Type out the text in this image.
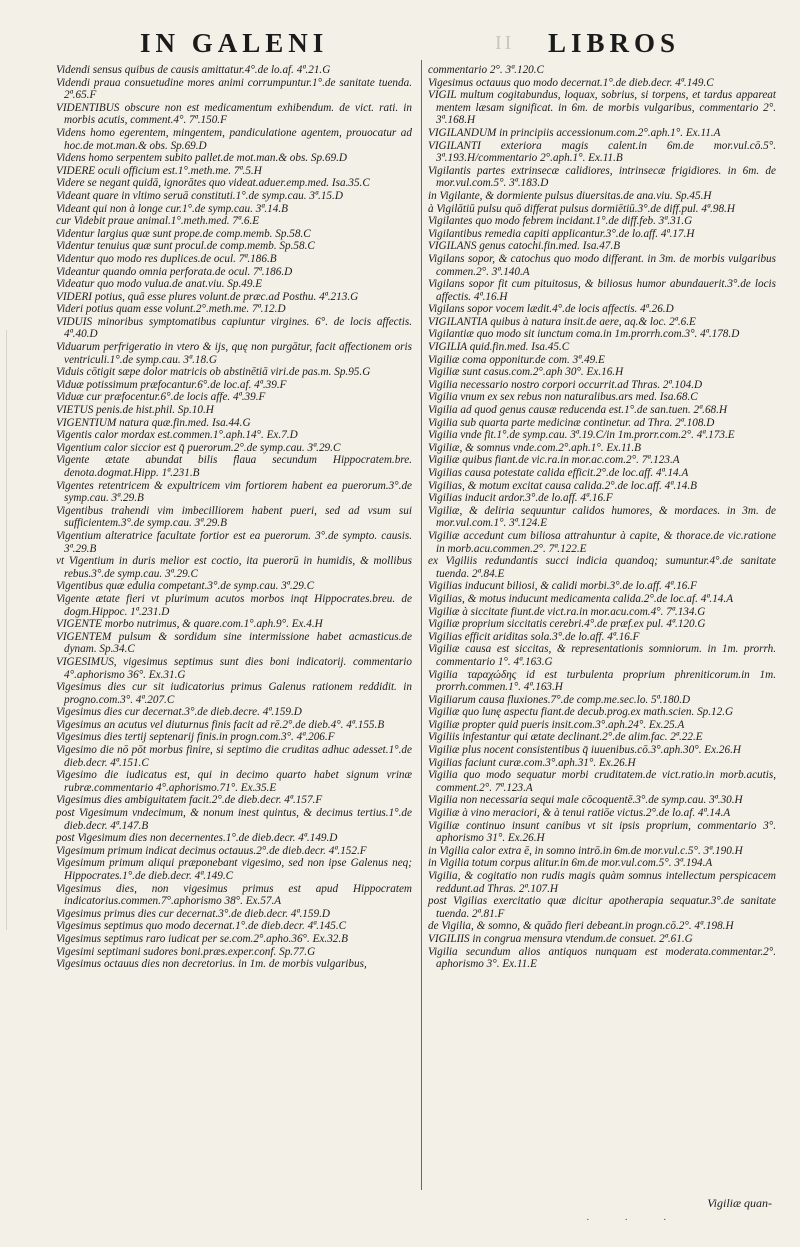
IN GALENI	II LIBROS
Videndi sensus quibus de causis amittatur.4°.de lo.af. 4ª.21.G
Videndi praua consuetudine mores animi corrumpuntur.1°.de sanitate tuenda. 2ª.65.F
VIDENTIBUS obscure non est medicamentum exhibendum. de vict. rati. in morbis acutis, comment.4°. 7ª.150.F
Videns homo egerentem, mingentem, pandiculatione agentem, prouocatur ad hoc.de mot.man.& obs. Sp.69.D
Videns homo serpentem subito pallet.de mot.man.& obs. Sp.69.D
VIDERE oculi officium est.1°.meth.me. 7ª.5.H
Videre se negant quidā, ignorātes quo videat.aduer.emp.med. Isa.35.C
Videant quare in vltimo seruā constituti.1°.de symp.cau. 3ª.15.D
Videant qui non à longe cur.1°.de symp.cau. 3ª.14.B
cur Videbit praue animal.1°.meth.med. 7ª.6.E
Videntur largius quæ sunt prope.de comp.memb. Sp.58.C
Videntur tenuius quæ sunt procul.de comp.memb. Sp.58.C
Videntur quo modo res duplices.de ocul. 7ª.186.B
Videantur quando omnia perforata.de ocul. 7ª.186.D
Videatur quo modo vulua.de anat.viu. Sp.49.E
VIDERI potius, quā esse plures volunt.de præc.ad Posthu. 4ª.213.G
Videri potius quam esse volunt.2°.meth.me. 7ª.12.D
VIDUIS minoribus symptomatibus capiuntur virgines. 6°. de locis affectis. 4ª.40.D
Viduarum perfrigeratio in vtero & ijs, quę non purgātur, facit affectionem oris ventriculi.1°.de symp.cau. 3ª.18.G
Viduis cōtigit sæpe dolor matricis ob abstinētiā viri.de pas.m. Sp.95.G
Viduæ potissimum præfocantur.6°.de loc.af. 4ª.39.F
Viduæ cur præfocentur.6°.de locis affe. 4ª.39.F
VIETUS penis.de hist.phil. Sp.10.H
VIGENTIUM natura quæ.fin.med. Isa.44.G
Vigentis calor mordax est.commen.1°.aph.14°. Ex.7.D
Vigentium calor siccior est q̄ puerorum.2°.de symp.cau. 3ª.29.C
Vigente ætate abundat bilis flaua secundum Hippocratem.bre. denota.dogmat.Hipp. 1ª.231.B
Vigentes retentricem & expultricem vim fortiorem habent ea puerorum.3°.de symp.cau. 3ª.29.B
Vigentibus trahendi vim imbecilliorem habent pueri, sed ad vsum sui sufficientem.3°.de symp.cau. 3ª.29.B
Vigentium alteratrice facultate fortior est ea puerorum. 3°.de sympto. causis. 3ª.29.B
vt Vigentium in duris melior est coctio, ita puerorū in humidis, & mollibus rebus.3°.de symp.cau. 3ª.29.C
Vigentibus quæ edulia competant.3°.de symp.cau. 3ª.29.C
Vigente ætate fieri vt plurimum acutos morbos inqt Hippocrates.breu. de dogm.Hippoc. 1ª.231.D
VIGENTE morbo nutrimus, & quare.com.1°.aph.9°. Ex.4.H
VIGENTEM pulsum & sordidum sine intermissione habet acmasticus.de dynam. Sp.34.C
VIGESIMUS, vigesimus septimus sunt dies boni indicatorij. commentario 4°.aphorismo 36°. Ex.31.G
Vigesimus dies cur sit iudicatorius primus Galenus rationem reddidit. in progno.com.3°. 4ª.207.C
Vigesimus dies cur decernat.3°.de dieb.decre. 4ª.159.D
Vigesimus an acutus vel diuturnus finis facit ad rē.2°.de dieb.4°. 4ª.155.B
Vigesimus dies tertij septenarij finis.in progn.com.3°. 4ª.206.F
Vigesimo die nō pōt morbus finire, si septimo die cruditas adhuc adesset.1°.de dieb.decr. 4ª.151.C
Vigesimo die iudicatus est, qui in decimo quarto habet signum vrinæ rubræ.commentario 4°.aphorismo.71°. Ex.35.E
Vigesimus dies ambiguitatem facit.2°.de dieb.decr. 4ª.157.F
post Vigesimum vndecimum, & nonum inest quintus, & decimus tertius.1°.de dieb.decr. 4ª.147.B
post Vigesimum dies non decernentes.1°.de dieb.decr. 4ª.149.D
Vigesimum primum indicat decimus octauus.2°.de dieb.decr. 4ª.152.F
Vigesimum primum aliqui præponebant vigesimo, sed non ipse Galenus neq; Hippocrates.1°.de dieb.decr. 4ª.149.C
Vigesimus dies, non vigesimus primus est apud Hippocratem indicatorius.commen.7°.aphorismo 38°. Ex.57.A
Vigesimus primus dies cur decernat.3°.de dieb.decr. 4ª.159.D
Vigesimus septimus quo modo decernat.1°.de dieb.decr. 4ª.145.C
Vigesimus septimus raro iudicat per se.com.2°.apho.36°. Ex.32.B
Vigesimi septimani sudores boni.præs.exper.conf. Sp.77.G
Vigesimus octauus dies non decretorius. in 1m. de morbis vulgaribus,
commentario 2°. 3ª.120.C
Vigesimus octauus quo modo decernat.1°.de dieb.decr. 4ª.149.C
VIGIL multum cogitabundus, loquax, sobrius, si torpens, et tardus appareat mentem læsam significat. in 6m. de morbis vulgaribus, commentario 2°. 3ª.168.H
VIGILANDUM in principiis accessionum.com.2°.aph.1°. Ex.11.A
VIGILANTI exteriora magis calent.in 6m.de mor.vul.cō.5°. 3ª.193.H/commentario 2°.aph.1°. Ex.11.B
Vigilantis partes extrinsecæ calidiores, intrinsecæ frigidiores. in 6m. de mor.vul.com.5°. 3ª.183.D
in Vigilante, & dormiente pulsus diuersitas.de ana.viu. Sp.45.H
à Vigilātiū pulsu quō differat pulsus dormiētiū.3°.de diff.pul. 4ª.98.H
Vigilantes quo modo febrem incidant.1°.de diff.feb. 3ª.31.G
Vigilantibus remedia capiti applicantur.3°.de lo.aff. 4ª.17.H
VIGILANS genus catochi.fin.med. Isa.47.B
Vigilans sopor, & catochus quo modo differant. in 3m. de morbis vulgaribus commen.2°. 3ª.140.A
Vigilans sopor fit cum pituitosus, & biliosus humor abundauerit.3°.de locis affectis. 4ª.16.H
Vigilans sopor vocem lædit.4°.de locis affectis. 4ª.26.D
VIGILANTIA quibus à natura insit.de aere, aq.& loc. 2ª.6.E
Vigilantiæ quo modo sit iunctum coma.in 1m.prorrh.com.3°. 4ª.178.D
VIGILIA quid.fin.med. Isa.45.C
Vigiliæ coma opponitur.de com. 3ª.49.E
Vigiliæ sunt casus.com.2°.aph 30°. Ex.16.H
Vigilia necessario nostro corpori occurrit.ad Thras. 2ª.104.D
Vigilia vnum ex sex rebus non naturalibus.ars med. Isa.68.C
Vigilia ad quod genus causæ reducenda est.1°.de san.tuen. 2ª.68.H
Vigilia sub quarta parte medicinæ continetur. ad Thra. 2ª.108.D
Vigilia vnde fit.1°.de symp.cau. 3ª.19.C/in 1m.prorr.com.2°. 4ª.173.E
Vigiliæ, & somnus vnde.com.2°.aph.1°. Ex.11.B
Vigiliæ quibus fiant.de vic.ra.in mor.ac.com.2°. 7ª.123.A
Vigilias causa potestate calida efficit.2°.de loc.aff. 4ª.14.A
Vigilias, & motum excitat causa calida.2°.de loc.aff. 4ª.14.B
Vigilias inducit ardor.3°.de lo.aff. 4ª.16.F
Vigiliæ, & deliria sequuntur calidos humores, & mordaces. in 3m. de mor.vul.com.1°. 3ª.124.E
Vigiliæ accedunt cum biliosa attrahuntur à capite, & thorace.de vic.ratione in morb.acu.commen.2°. 7ª.122.E
ex Vigiliis redundantis succi indicia quandoq; sumuntur.4°.de sanitate tuenda. 2ª.84.E
Vigilias inducunt biliosi, & calidi morbi.3°.de lo.aff. 4ª.16.F
Vigilias, & motus inducunt medicamenta calida.2°.de loc.af. 4ª.14.A
Vigiliæ à siccitate fiunt.de vict.ra.in mor.acu.com.4°. 7ª.134.G
Vigiliæ proprium siccitatis cerebri.4°.de præf.ex pul. 4ª.120.G
Vigilias efficit ariditas sola.3°.de lo.aff. 4ª.16.F
Vigiliæ causa est siccitas, & representationis somniorum. in 1m. prorrh. commentario 1°. 4ª.163.G
Vigilia ταραχώδης id est turbulenta proprium phreniticorum.in 1m. prorrh.commen.1°. 4ª.163.H
Vigiliarum causa fluxiones.7°.de comp.me.sec.lo. 5ª.180.D
Vigiliæ quo lunę aspectu fiant.de decub.prog.ex math.scien. Sp.12.G
Vigiliæ propter quid pueris insit.com.3°.aph.24°. Ex.25.A
Vigiliis infestantur qui ætate declinant.2°.de alim.fac. 2ª.22.E
Vigiliæ plus nocent consistentibus q̄ iuuenibus.cō.3°.aph.30°. Ex.26.H
Vigilias faciunt curæ.com.3°.aph.31°. Ex.26.H
Vigilia quo modo sequatur morbi cruditatem.de vict.ratio.in morb.acutis, comment.2°. 7ª.123.A
Vigilia non necessaria sequi male cōcoquentē.3°.de symp.cau. 3ª.30.H
Vigiliæ à vino meraciori, & à tenui ratiōe victus.2°.de lo.af. 4ª.14.A
Vigiliæ continuo insunt canibus vt sit ipsis proprium, commentario 3°. aphorismo 31°. Ex.26.H
in Vigilia calor extra ē, in somno intrō.in 6m.de mor.vul.c.5°. 3ª.190.H
in Vigilia totum corpus alitur.in 6m.de mor.vul.com.5°. 3ª.194.A
Vigilia, & cogitatio non rudis magis quàm somnus intellectum perspicacem reddunt.ad Thras. 2ª.107.H
post Vigilias exercitatio quæ dicitur apotherapia sequatur.3°.de sanitate tuenda. 2ª.81.F
de Vigilia, & somno, & quādo fieri debeant.in progn.cō.2°. 4ª.198.H
VIGILIIS in congrua mensura vtendum.de consuet. 2ª.61.G
Vigilia secundum alios antiquos nunquam est moderata.commentar.2°. aphorismo 3°. Ex.11.E
Vigiliæ quan-
· · ·
